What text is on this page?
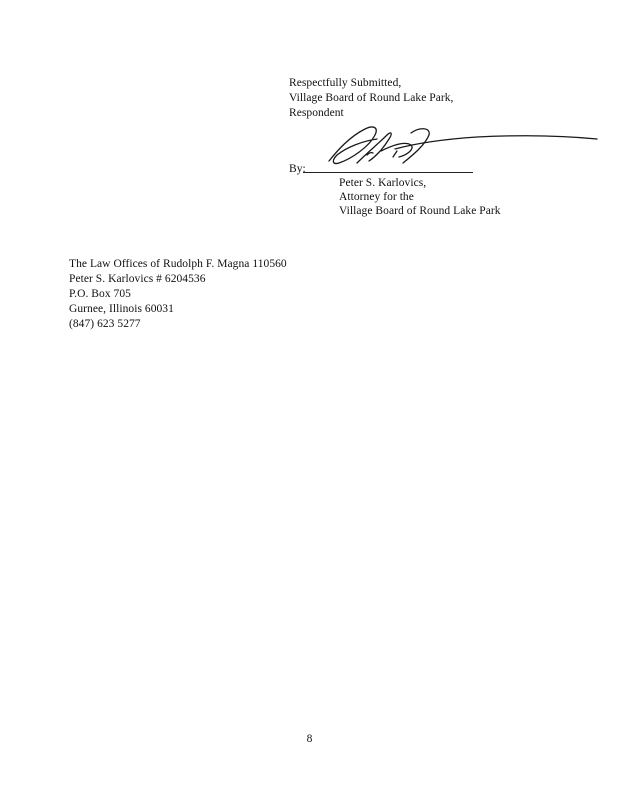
Respectfully Submitted,
Village Board of Round Lake Park,
Respondent
By:
Peter S. Karlovics,
Attorney for the
Village Board of Round Lake Park
The Law Offices of Rudolph F. Magna 110560
Peter S. Karlovics # 6204536
P.O. Box 705
Gurnee, Illinois 60031
(847) 623 5277
8
